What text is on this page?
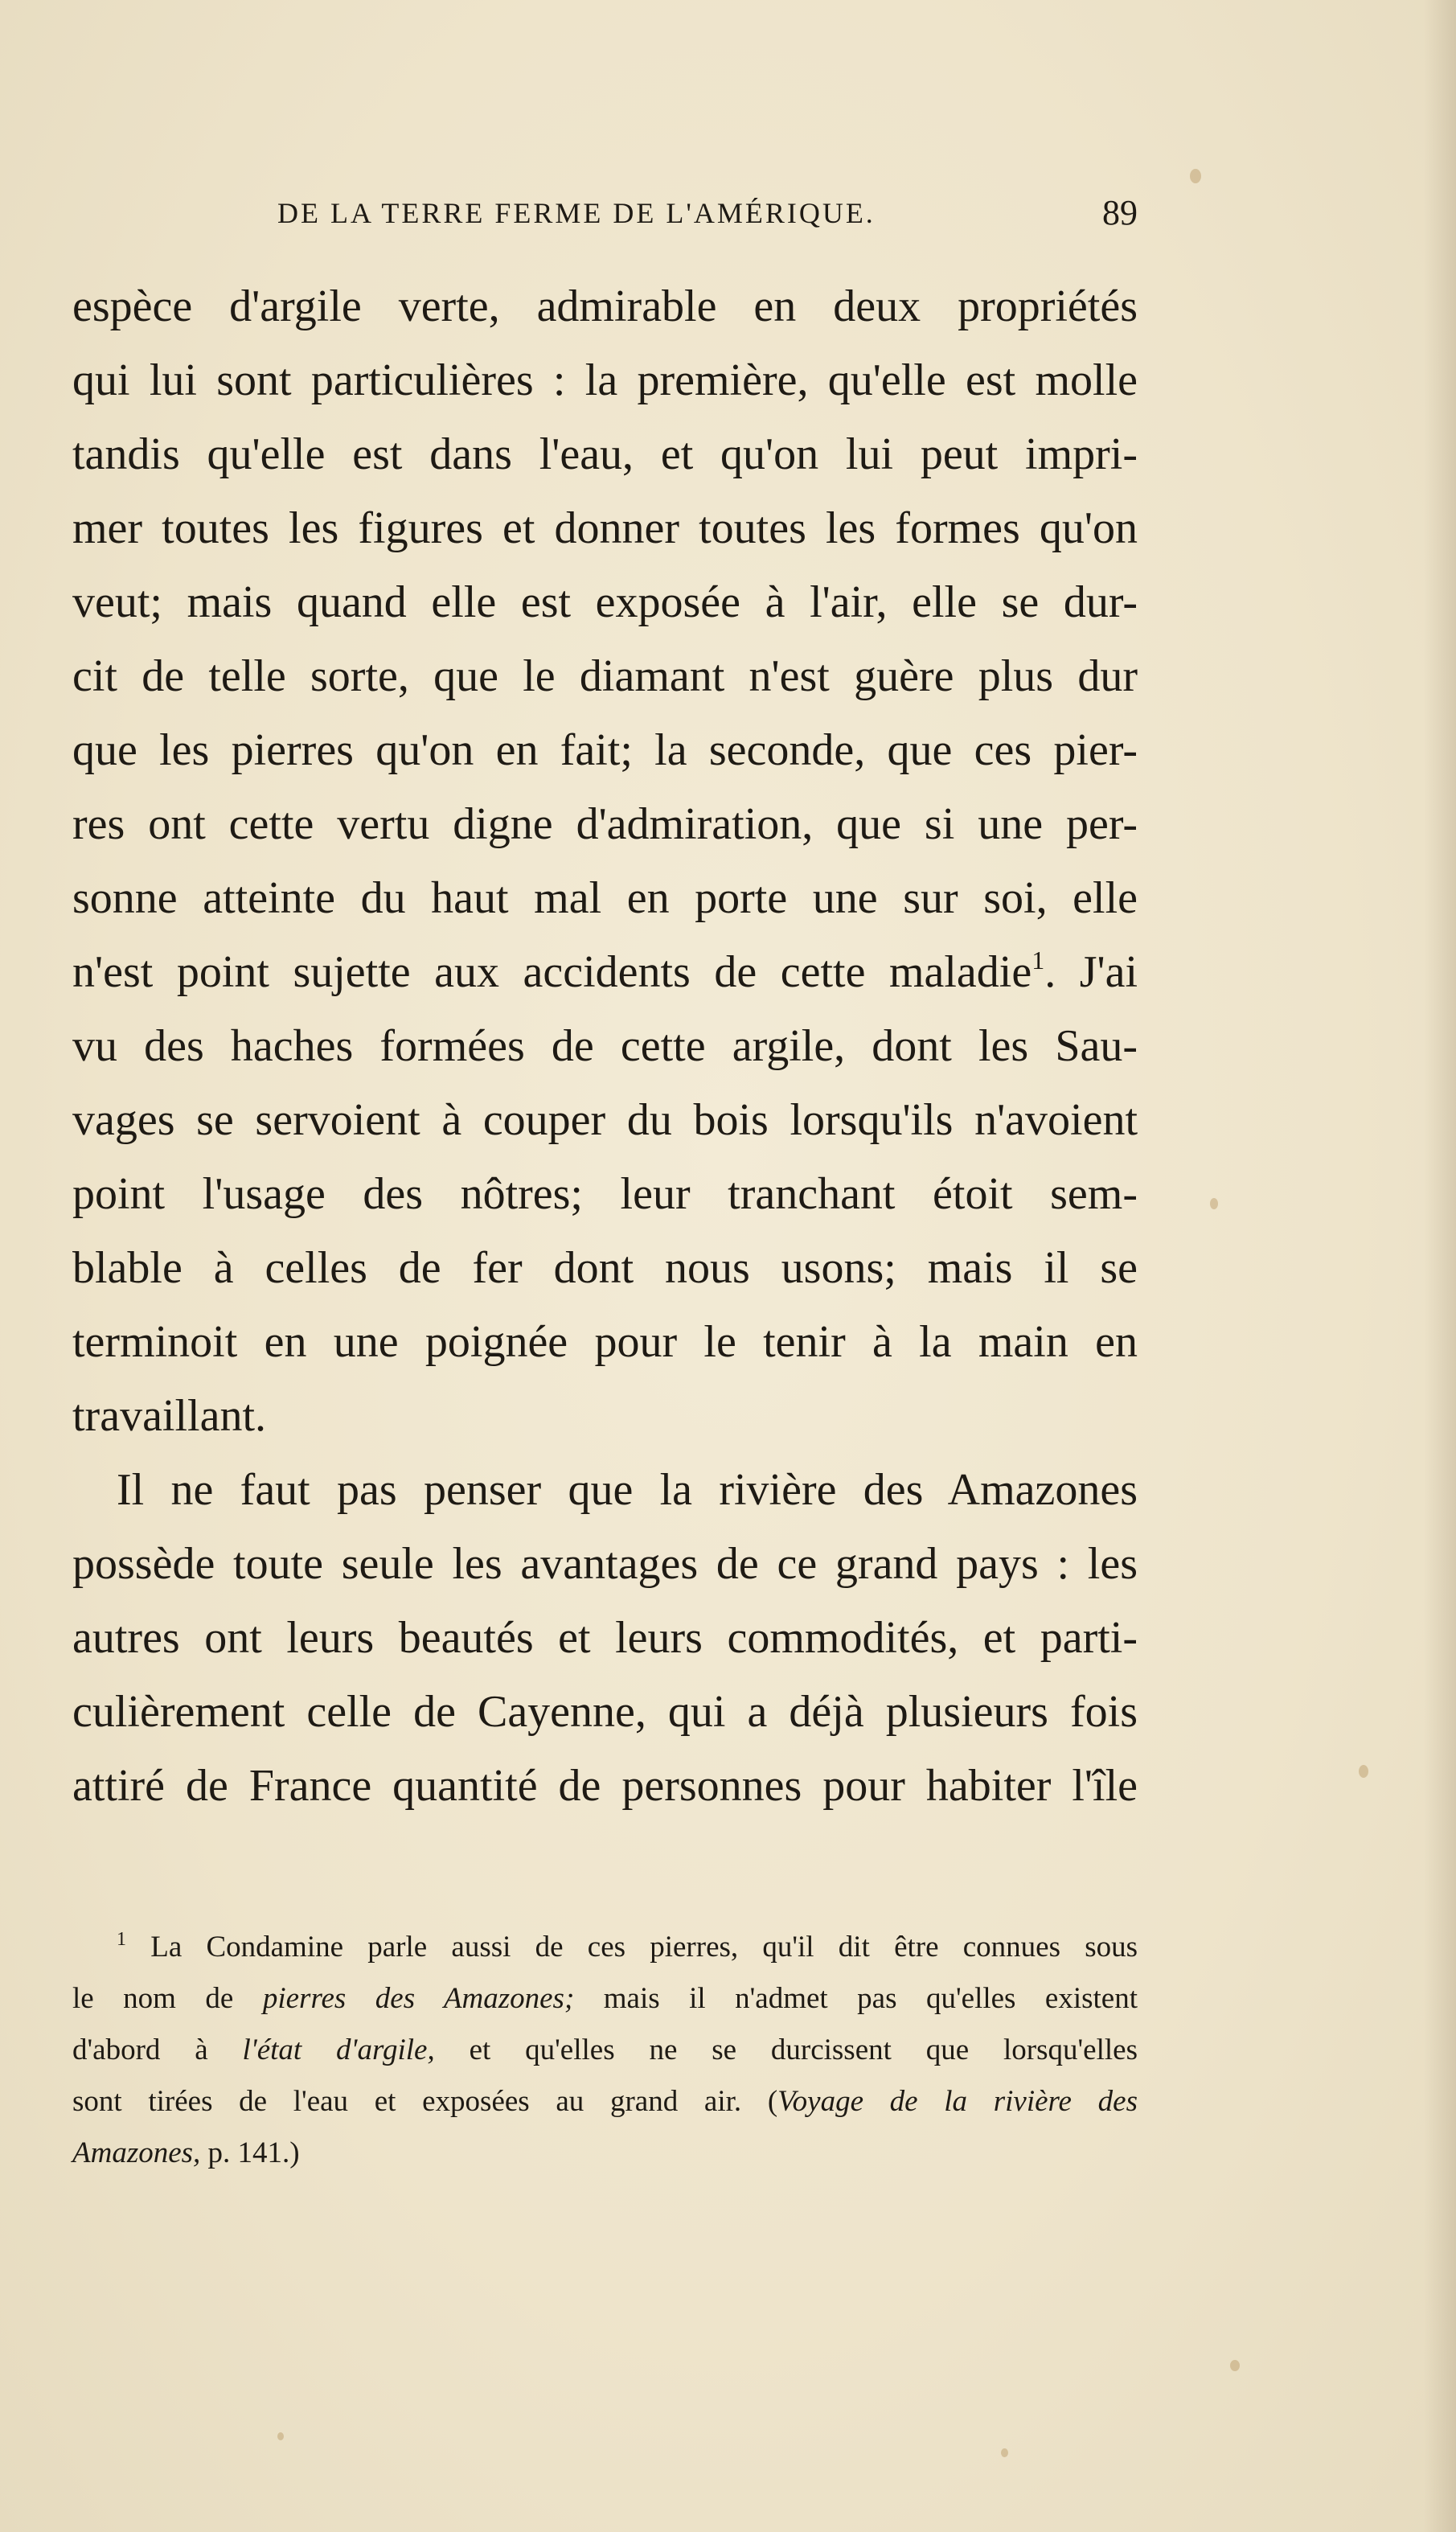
DE LA TERRE FERME DE L'AMÉRIQUE.	89
espèce d'argile verte, admirable en deux propriétés
qui lui sont particulières : la première, qu'elle est molle
tandis qu'elle est dans l'eau, et qu'on lui peut impri-
mer toutes les figures et donner toutes les formes qu'on
veut; mais quand elle est exposée à l'air, elle se dur-
cit de telle sorte, que le diamant n'est guère plus dur
que les pierres qu'on en fait; la seconde, que ces pier-
res ont cette vertu digne d'admiration, que si une per-
sonne atteinte du haut mal en porte une sur soi, elle
n'est point sujette aux accidents de cette maladie$^1$. J'ai
vu des haches formées de cette argile, dont les Sau-
vages se servoient à couper du bois lorsqu'ils n'avoient
point l'usage des nôtres; leur tranchant étoit sem-
blable à celles de fer dont nous usons; mais il se
terminoit en une poignée pour le tenir à la main en
travaillant.
Il ne faut pas penser que la rivière des Amazones
possède toute seule les avantages de ce grand pays : les
autres ont leurs beautés et leurs commodités, et parti-
culièrement celle de Cayenne, qui a déjà plusieurs fois
attiré de France quantité de personnes pour habiter l'île
$^1$ La Condamine parle aussi de ces pierres, qu'il dit être connues sous
le nom de pierres des Amazones; mais il n'admet pas qu'elles existent
d'abord à l'état d'argile, et qu'elles ne se durcissent que lorsqu'elles
sont tirées de l'eau et exposées au grand air. (Voyage de la rivière des
Amazones, p. 141.)
